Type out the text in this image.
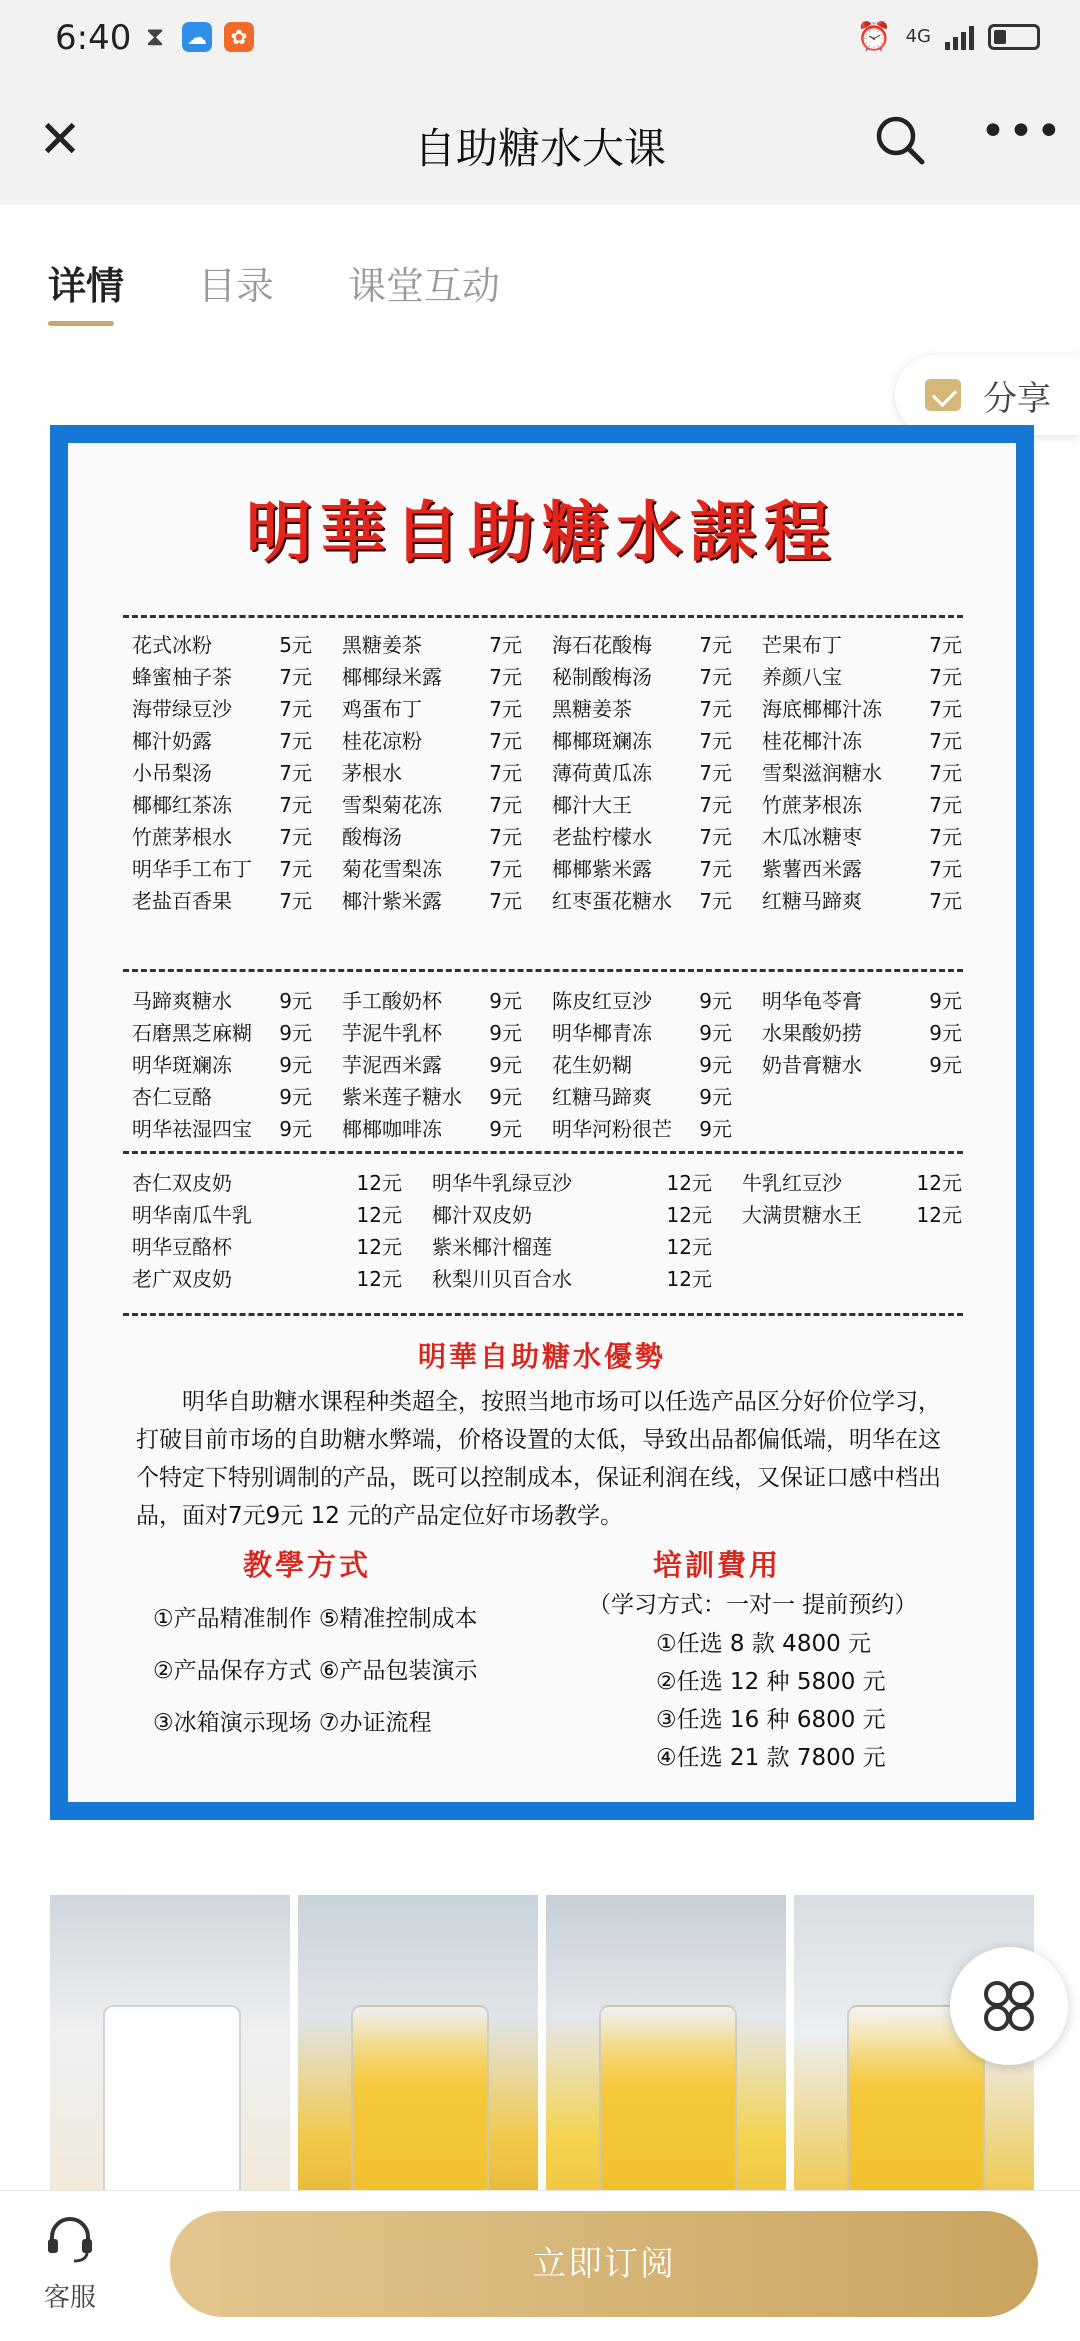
6:40 ⧗ ☁	✿	⏰ 4G
✕	自助糖水大课	•••
详情 目录 课堂互动
分享
明華自助糖水課程
花式冰粉	5元 黑糖姜茶	7元 海石花酸梅 7元 芒果布丁	7元
蜂蜜柚子茶 7元 椰椰绿米露 7元 秘制酸梅汤 7元 养颜八宝	7元
海带绿豆沙 7元 鸡蛋布丁	7元 黑糖姜茶	7元 海底椰椰汁冻 7元
椰汁奶露	7元 桂花凉粉	7元 椰椰斑斓冻 7元 桂花椰汁冻	7元
小吊梨汤	7元 茅根水	7元 薄荷黄瓜冻 7元 雪梨滋润糖水 7元
椰椰红茶冻 7元 雪梨菊花冻 7元 椰汁大王	7元 竹蔗茅根冻	7元
竹蔗茅根水 7元 酸梅汤	7元 老盐柠檬水 7元 木瓜冰糖枣	7元
明华手工布丁 7元 菊花雪梨冻 7元 椰椰紫米露 7元 紫薯西米露	7元
老盐百香果 7元 椰汁紫米露 7元 红枣蛋花糖水 7元 红糖马蹄爽	7元
马蹄爽糖水 9元 手工酸奶杯 9元 陈皮红豆沙 9元 明华龟苓膏	9元
石磨黑芝麻糊 9元 芋泥牛乳杯 9元 明华椰青冻 9元 水果酸奶捞	9元
明华斑斓冻 9元 芋泥西米露 9元 花生奶糊	9元 奶昔膏糖水	9元
杏仁豆酪	9元 紫米莲子糖水 9元 红糖马蹄爽 9元
明华祛湿四宝 9元 椰椰咖啡冻 9元 明华河粉很芒 9元
杏仁双皮奶	12元 明华牛乳绿豆沙	12元 牛乳红豆沙	12元
明华南瓜牛乳	12元 椰汁双皮奶	12元 大满贯糖水王	12元
明华豆酪杯	12元 紫米椰汁榴莲	12元
老广双皮奶	12元 秋梨川贝百合水	12元
明華自助糖水優勢
明华自助糖水课程种类超全，按照当地市场可以任选产品区分好价位学习，打破目前市场的自助糖水弊端，价格设置的太低，导致出品都偏低端，明华在这个特定下特别调制的产品，既可以控制成本，保证利润在线，又保证口感中档出品，面对7元9元 12 元的产品定位好市场教学。
教學方式
①产品精准制作 ⑤精准控制成本
②产品保存方式 ⑥产品包装演示
③冰箱演示现场 ⑦办证流程
培訓費用
（学习方式：一对一 提前预约）
①任选 8 款 4800 元
②任选 12 种 5800 元
③任选 16 种 6800 元
④任选 21 款 7800 元
客服
立即订阅
